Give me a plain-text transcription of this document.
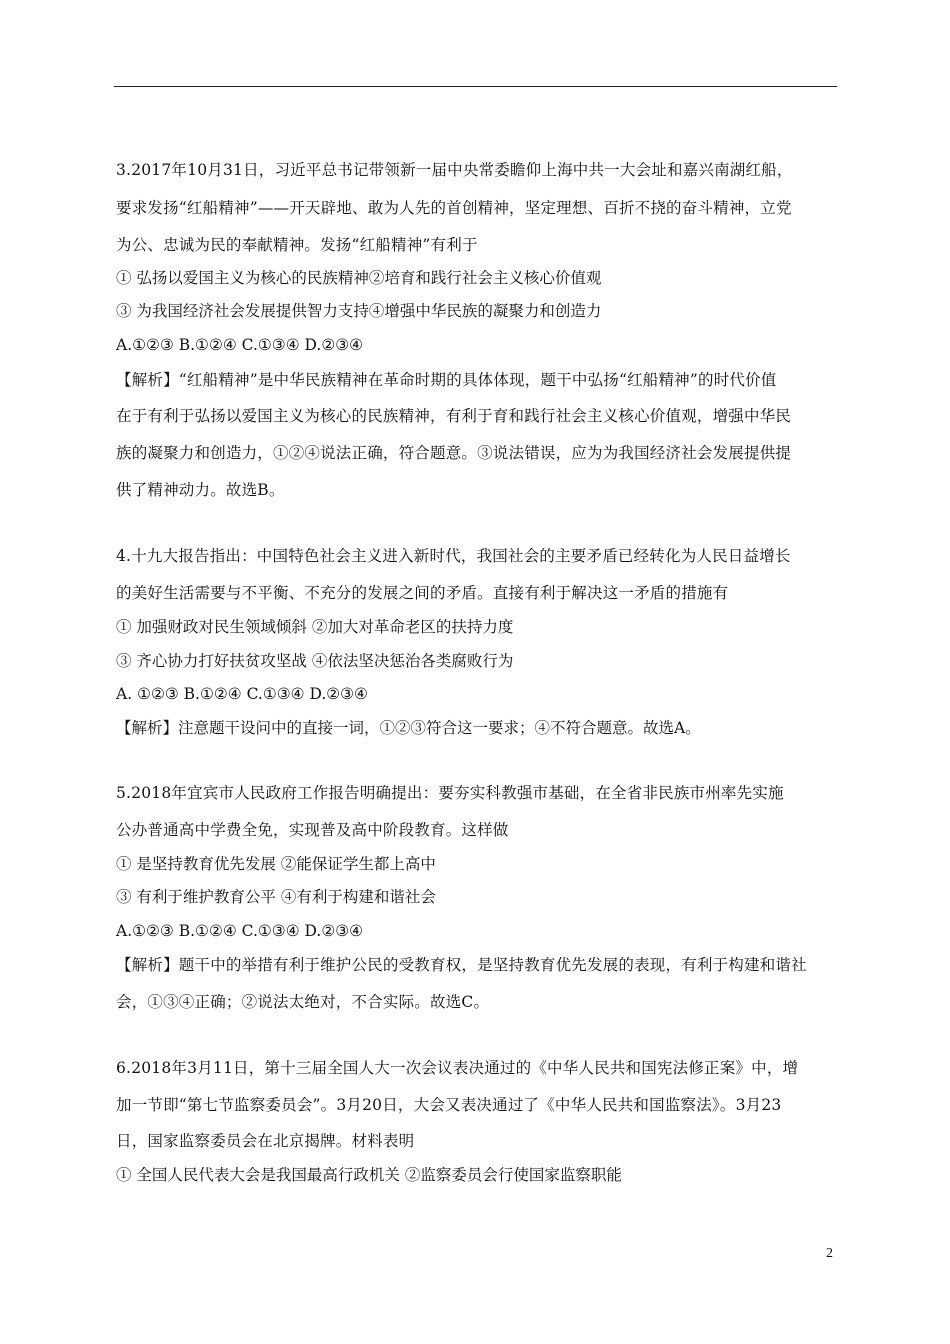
3.2017年10月31日，习近平总书记带领新一届中央常委瞻仰上海中共一大会址和嘉兴南湖红船，
要求发扬“红船精神”——开天辟地、敢为人先的首创精神，坚定理想、百折不挠的奋斗精神，立党
为公、忠诚为民的奉献精神。发扬“红船精神”有利于
① 弘扬以爱国主义为核心的民族精神②培育和践行社会主义核心价值观
③ 为我国经济社会发展提供智力支持④增强中华民族的凝聚力和创造力
A.①②③ B.①②④ C.①③④ D.②③④
【解析】“红船精神”是中华民族精神在革命时期的具体体现，题干中弘扬“红船精神”的时代价值
在于有利于弘扬以爱国主义为核心的民族精神，有利于育和践行社会主义核心价值观，增强中华民
族的凝聚力和创造力，①②④说法正确，符合题意。③说法错误，应为为我国经济社会发展提供提
供了精神动力。故选B。
4.十九大报告指出：中国特色社会主义进入新时代，我国社会的主要矛盾已经转化为人民日益增长
的美好生活需要与不平衡、不充分的发展之间的矛盾。直接有利于解决这一矛盾的措施有
① 加强财政对民生领域倾斜 ②加大对革命老区的扶持力度
③ 齐心协力打好扶贫攻坚战 ④依法坚决惩治各类腐败行为
A. ①②③ B.①②④ C.①③④ D.②③④
【解析】注意题干设问中的直接一词，①②③符合这一要求；④不符合题意。故选A。
5.2018年宜宾市人民政府工作报告明确提出：要夯实科教强市基础，在全省非民族市州率先实施
公办普通高中学费全免，实现普及高中阶段教育。这样做
① 是坚持教育优先发展 ②能保证学生都上高中
③ 有利于维护教育公平 ④有利于构建和谐社会
A.①②③ B.①②④ C.①③④ D.②③④
【解析】题干中的举措有利于维护公民的受教育权，是坚持教育优先发展的表现，有利于构建和谐社
会，①③④正确；②说法太绝对，不合实际。故选C。
6.2018年3月11日，第十三届全国人大一次会议表决通过的《中华人民共和国宪法修正案》中，增
加一节即“第七节监察委员会”。3月20日，大会又表决通过了《中华人民共和国监察法》。3月23
日，国家监察委员会在北京揭牌。材料表明
① 全国人民代表大会是我国最高行政机关 ②监察委员会行使国家监察职能
2
